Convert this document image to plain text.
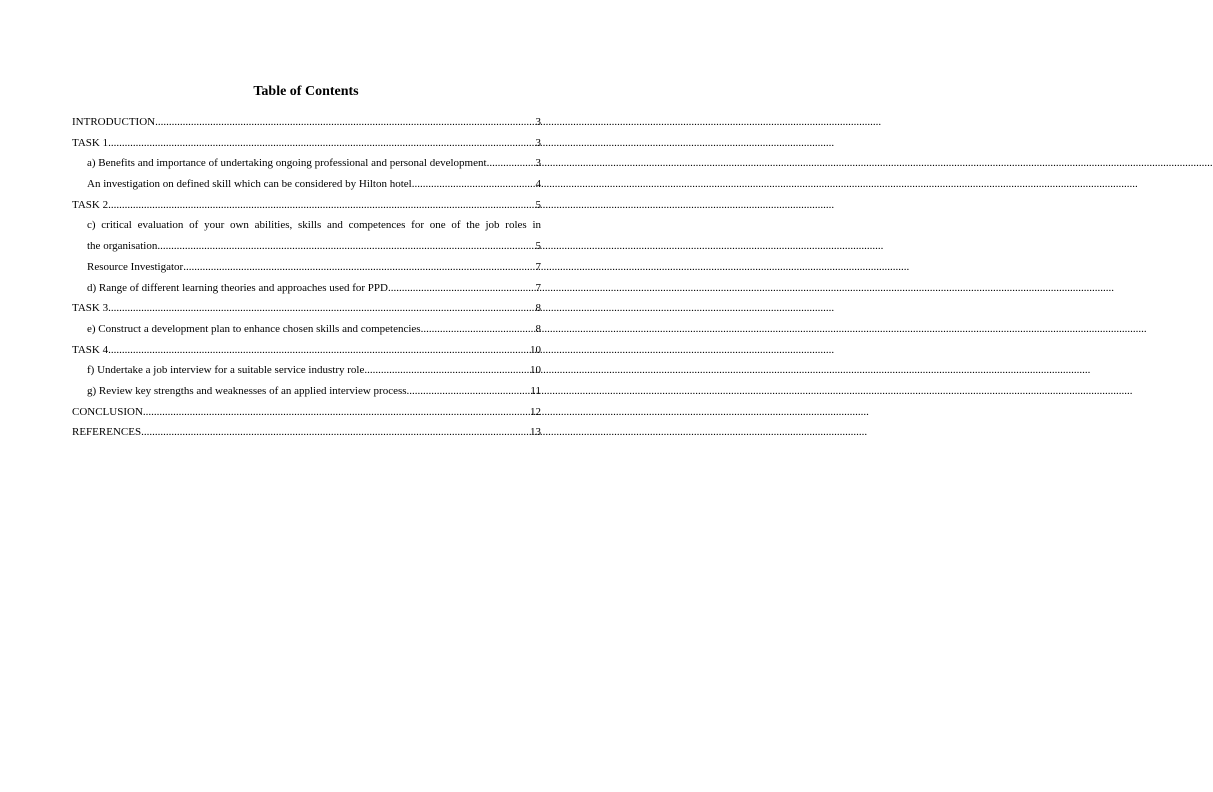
Table of Contents
INTRODUCTION .....	3
TASK 1 .....	3
a) Benefits and importance of undertaking ongoing professional and personal development .....	3
An investigation on defined skill which can be considered by Hilton hotel .....	4
TASK 2 .....	5
c) critical evaluation of your own abilities, skills and competences for one of the job roles in
the organisation .....	5
Resource Investigator .....	7
d) Range of different learning theories and approaches used for PPD .....	7
TASK 3 .....	8
e) Construct a development plan to enhance chosen skills and competencies .....	8
TASK 4 .....	10
f) Undertake a job interview for a suitable service industry role .....	10
g) Review key strengths and weaknesses of an applied interview process .....	11
CONCLUSION .....	12
REFERENCES .....	13
